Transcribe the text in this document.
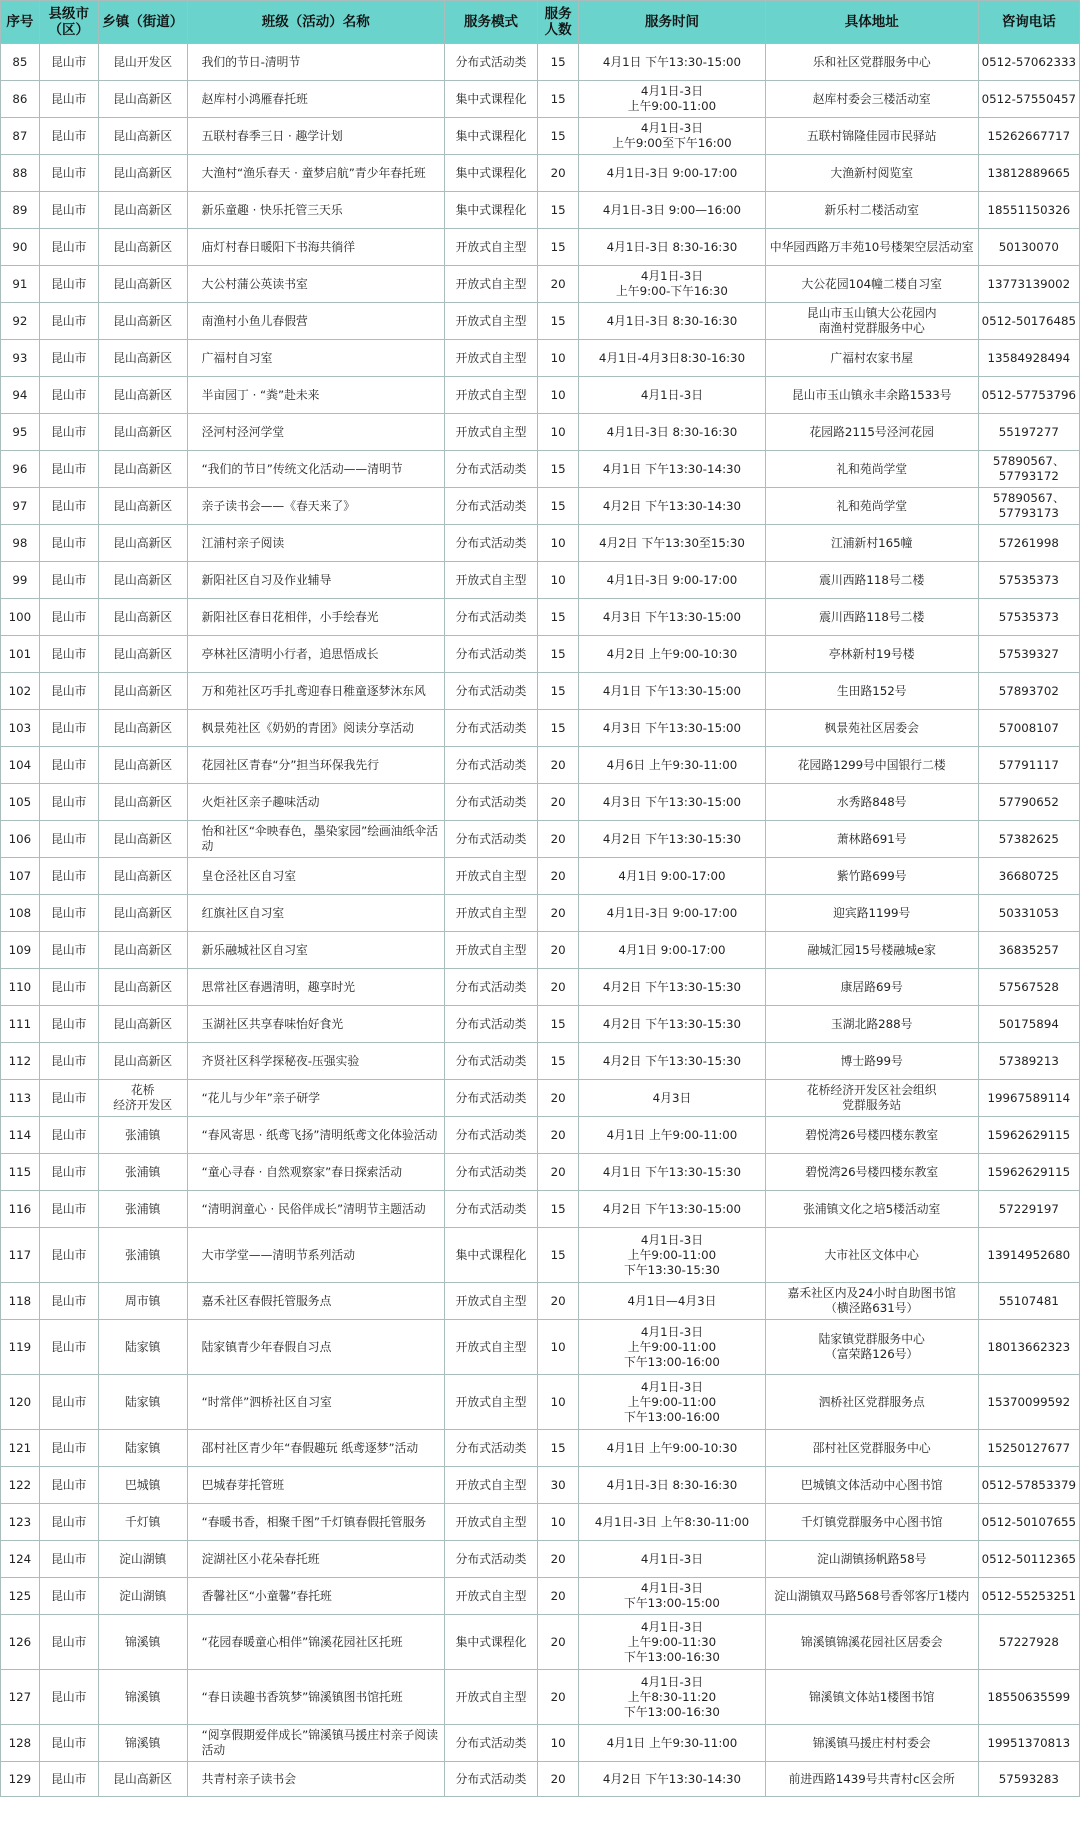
序号	县级市（区）	乡镇（街道）	班级（活动）名称	服务模式	服务人数	服务时间	具体地址	咨询电话
85	昆山市	昆山开发区	我们的节日-清明节	分布式活动类	15	4月1日 下午13:30-15:00	乐和社区党群服务中心	0512-57062333
86	昆山市	昆山高新区	赵库村小鸿雁春托班	集中式课程化	15	4月1日-3日
上午9:00-11:00	赵库村委会三楼活动室	0512-57550457
87	昆山市	昆山高新区	五联村春季三日 · 趣学计划	集中式课程化	15	4月1日-3日
上午9:00至下午16:00	五联村锦隆佳园市民驿站	15262667717
88	昆山市	昆山高新区	大渔村“渔乐春天 · 童梦启航”青少年春托班	集中式课程化	20	4月1日-3日 9:00-17:00	大渔新村阅览室	13812889665
89	昆山市	昆山高新区	新乐童趣 · 快乐托管三天乐	集中式课程化	15	4月1日-3日 9:00—16:00	新乐村二楼活动室	18551150326
90	昆山市	昆山高新区	庙灯村春日暖阳下书海共徜徉	开放式自主型	15	4月1日-3日 8:30-16:30	中华园西路万丰苑10号楼架空层活动室	50130070
91	昆山市	昆山高新区	大公村蒲公英读书室	开放式自主型	20	4月1日-3日
上午9:00-下午16:30	大公花园104幢二楼自习室	13773139002
92	昆山市	昆山高新区	南渔村小鱼儿春假营	开放式自主型	15	4月1日-3日 8:30-16:30	昆山市玉山镇大公花园内
南渔村党群服务中心	0512-50176485
93	昆山市	昆山高新区	广福村自习室	开放式自主型	10	4月1日-4月3日8:30-16:30	广福村农家书屋	13584928494
94	昆山市	昆山高新区	半亩园丁 · “粪”赴未来	开放式自主型	10	4月1日-3日	昆山市玉山镇永丰余路1533号	0512-57753796
95	昆山市	昆山高新区	泾河村泾河学堂	开放式自主型	10	4月1日-3日 8:30-16:30	花园路2115号泾河花园	55197277
96	昆山市	昆山高新区	“我们的节日”传统文化活动——清明节	分布式活动类	15	4月1日 下午13:30-14:30	礼和苑尚学堂	57890567、
57793172
97	昆山市	昆山高新区	亲子读书会——《春天来了》	分布式活动类	15	4月2日 下午13:30-14:30	礼和苑尚学堂	57890567、
57793173
98	昆山市	昆山高新区	江浦村亲子阅读	分布式活动类	10	4月2日 下午13:30至15:30	江浦新村165幢	57261998
99	昆山市	昆山高新区	新阳社区自习及作业辅导	开放式自主型	10	4月1日-3日 9:00-17:00	震川西路118号二楼	57535373
100	昆山市	昆山高新区	新阳社区春日花相伴，小手绘春光	分布式活动类	15	4月3日 下午13:30-15:00	震川西路118号二楼	57535373
101	昆山市	昆山高新区	亭林社区清明小行者，追思悟成长	分布式活动类	15	4月2日 上午9:00-10:30	亭林新村19号楼	57539327
102	昆山市	昆山高新区	万和苑社区巧手扎鸢迎春日稚童逐梦沐东风	分布式活动类	15	4月1日 下午13:30-15:00	生田路152号	57893702
103	昆山市	昆山高新区	枫景苑社区《奶奶的青团》阅读分享活动	分布式活动类	15	4月3日 下午13:30-15:00	枫景苑社区居委会	57008107
104	昆山市	昆山高新区	花园社区青春“分”担当环保我先行	分布式活动类	20	4月6日 上午9:30-11:00	花园路1299号中国银行二楼	57791117
105	昆山市	昆山高新区	火炬社区亲子趣味活动	分布式活动类	20	4月3日 下午13:30-15:00	水秀路848号	57790652
106	昆山市	昆山高新区	怡和社区“伞映春色，墨染家园”绘画油纸伞活动	分布式活动类	20	4月2日 下午13:30-15:30	萧林路691号	57382625
107	昆山市	昆山高新区	皇仓泾社区自习室	开放式自主型	20	4月1日 9:00-17:00	紫竹路699号	36680725
108	昆山市	昆山高新区	红旗社区自习室	开放式自主型	20	4月1日-3日 9:00-17:00	迎宾路1199号	50331053
109	昆山市	昆山高新区	新乐融城社区自习室	开放式自主型	20	4月1日 9:00-17:00	融城汇园15号楼融城e家	36835257
110	昆山市	昆山高新区	思常社区春遇清明，趣享时光	分布式活动类	20	4月2日 下午13:30-15:30	康居路69号	57567528
111	昆山市	昆山高新区	玉湖社区共享春味怡好食光	分布式活动类	15	4月2日 下午13:30-15:30	玉湖北路288号	50175894
112	昆山市	昆山高新区	齐贤社区科学探秘夜-压强实验	分布式活动类	15	4月2日 下午13:30-15:30	博士路99号	57389213
113	昆山市	花桥
经济开发区	“花儿与少年”亲子研学	分布式活动类	20	4月3日	花桥经济开发区社会组织
党群服务站	19967589114
114	昆山市	张浦镇	“春风寄思 · 纸鸢飞扬”清明纸鸢文化体验活动	分布式活动类	20	4月1日 上午9:00-11:00	碧悦湾26号楼四楼东教室	15962629115
115	昆山市	张浦镇	“童心寻春 · 自然观察家”春日探索活动	分布式活动类	20	4月1日 下午13:30-15:30	碧悦湾26号楼四楼东教室	15962629115
116	昆山市	张浦镇	“清明润童心 · 民俗伴成长”清明节主题活动	分布式活动类	15	4月2日 下午13:30-15:00	张浦镇文化之培5楼活动室	57229197
117	昆山市	张浦镇	大市学堂——清明节系列活动	集中式课程化	15	4月1日-3日
上午9:00-11:00
下午13:30-15:30	大市社区文体中心	13914952680
118	昆山市	周市镇	嘉禾社区春假托管服务点	开放式自主型	20	4月1日—4月3日	嘉禾社区内及24小时自助图书馆
（横泾路631号）	55107481
119	昆山市	陆家镇	陆家镇青少年春假自习点	开放式自主型	10	4月1日-3日
上午9:00-11:00
下午13:00-16:00	陆家镇党群服务中心
（富荣路126号）	18013662323
120	昆山市	陆家镇	“时常伴”泗桥社区自习室	开放式自主型	10	4月1日-3日
上午9:00-11:00
下午13:00-16:00	泗桥社区党群服务点	15370099592
121	昆山市	陆家镇	邵村社区青少年“春假趣玩 纸鸢逐梦”活动	分布式活动类	15	4月1日 上午9:00-10:30	邵村社区党群服务中心	15250127677
122	昆山市	巴城镇	巴城春芽托管班	开放式自主型	30	4月1日-3日 8:30-16:30	巴城镇文体活动中心图书馆	0512-57853379
123	昆山市	千灯镇	“春暖书香，相聚千图”千灯镇春假托管服务	开放式自主型	10	4月1日-3日 上午8:30-11:00	千灯镇党群服务中心图书馆	0512-50107655
124	昆山市	淀山湖镇	淀湖社区小花朵春托班	分布式活动类	20	4月1日-3日	淀山湖镇扬帆路58号	0512-50112365
125	昆山市	淀山湖镇	香馨社区“小童馨”春托班	开放式自主型	20	4月1日-3日
下午13:00-15:00	淀山湖镇双马路568号香邻客厅1楼内	0512-55253251
126	昆山市	锦溪镇	“花园春暖童心相伴”锦溪花园社区托班	集中式课程化	20	4月1日-3日
上午9:00-11:30
下午13:00-16:30	锦溪镇锦溪花园社区居委会	57227928
127	昆山市	锦溪镇	“春日读趣书香筑梦”锦溪镇图书馆托班	开放式自主型	20	4月1日-3日
上午8:30-11:20
下午13:00-16:30	锦溪镇文体站1楼图书馆	18550635599
128	昆山市	锦溪镇	“阅享假期爱伴成长”锦溪镇马援庄村亲子阅读活动	分布式活动类	10	4月1日 上午9:30-11:00	锦溪镇马援庄村村委会	19951370813
129	昆山市	昆山高新区	共青村亲子读书会	分布式活动类	20	4月2日 下午13:30-14:30	前进西路1439号共青村c区会所	57593283
